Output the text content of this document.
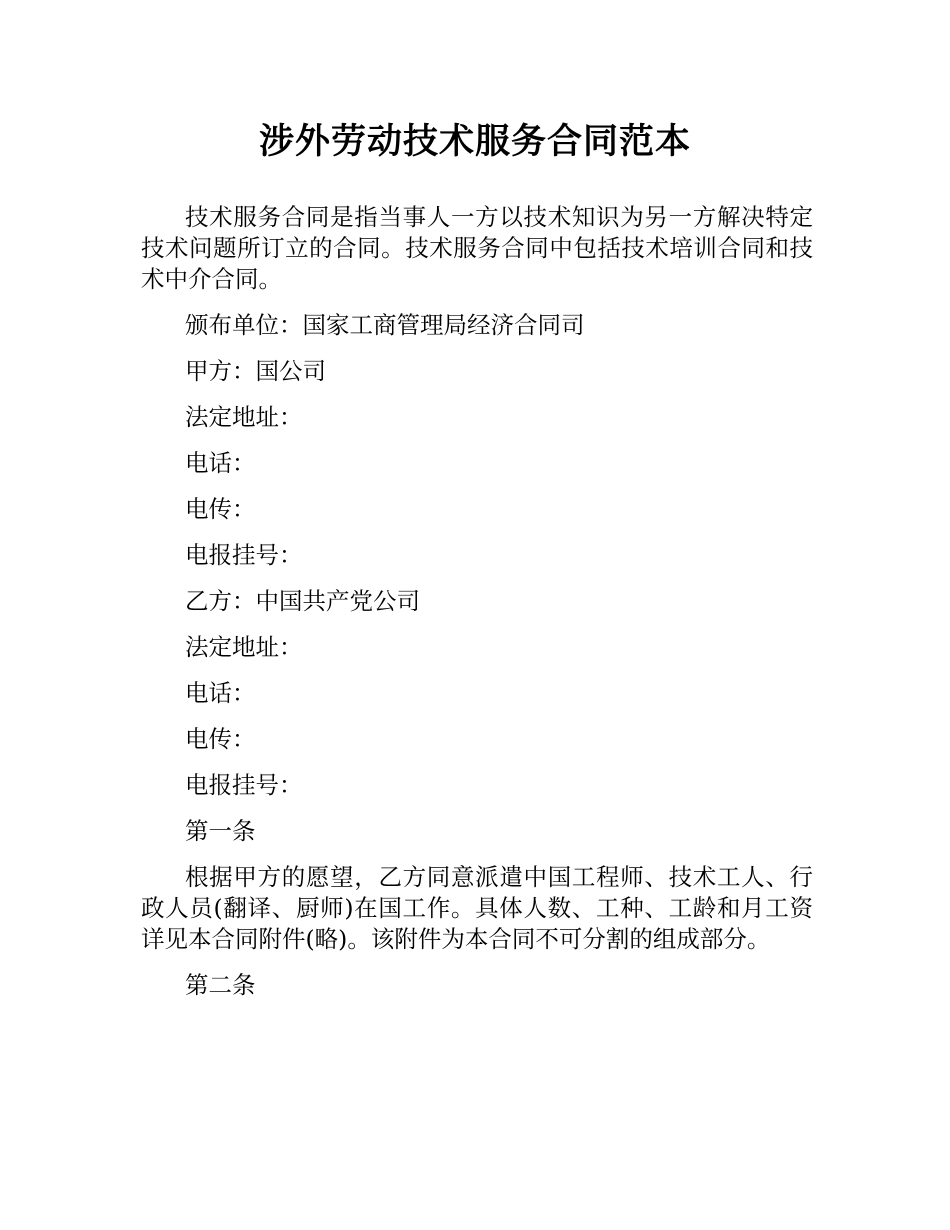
涉外劳动技术服务合同范本

技术服务合同是指当事人一方以技术知识为另一方解决特定技术问题所订立的合同。技术服务合同中包括技术培训合同和技术中介合同。

颁布单位：国家工商管理局经济合同司

甲方：国公司

法定地址：

电话：

电传：

电报挂号：

乙方：中国共产党公司

法定地址：

电话：

电传：

电报挂号：

第一条

根据甲方的愿望，乙方同意派遣中国工程师、技术工人、行政人员(翻译、厨师)在国工作。具体人数、工种、工龄和月工资详见本合同附件(略)。该附件为本合同不可分割的组成部分。

第二条
